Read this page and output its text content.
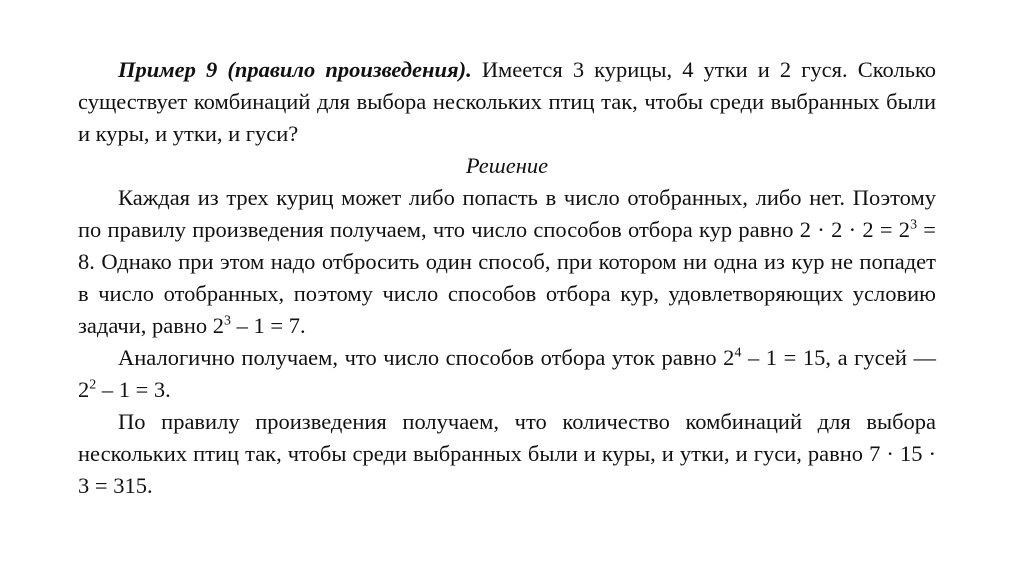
Пример 9 (правило произведения). Имеется 3 курицы, 4 утки и 2 гуся. Сколько существует комбинаций для выбора нескольких птиц так, чтобы среди выбранных были и куры, и утки, и гуси?

Решение

Каждая из трех куриц может либо попасть в число отобранных, либо нет. Поэтому по правилу произведения получаем, что число способов отбора кур равно $2 \cdot 2 \cdot 2 = 2^3 = 8$. Однако при этом надо отбросить один способ, при котором ни одна из кур не попадет в число отобранных, поэтому число способов отбора кур, удовлетворяющих условию задачи, равно $2^3 - 1 = 7$.

Аналогично получаем, что число способов отбора уток равно $2^4 - 1 = 15$, а гусей — $2^2 - 1 = 3$.

По правилу произведения получаем, что количество комбинаций для выбора нескольких птиц так, чтобы среди выбранных были и куры, и утки, и гуси, равно 7 · 15 · 3 = 315.
